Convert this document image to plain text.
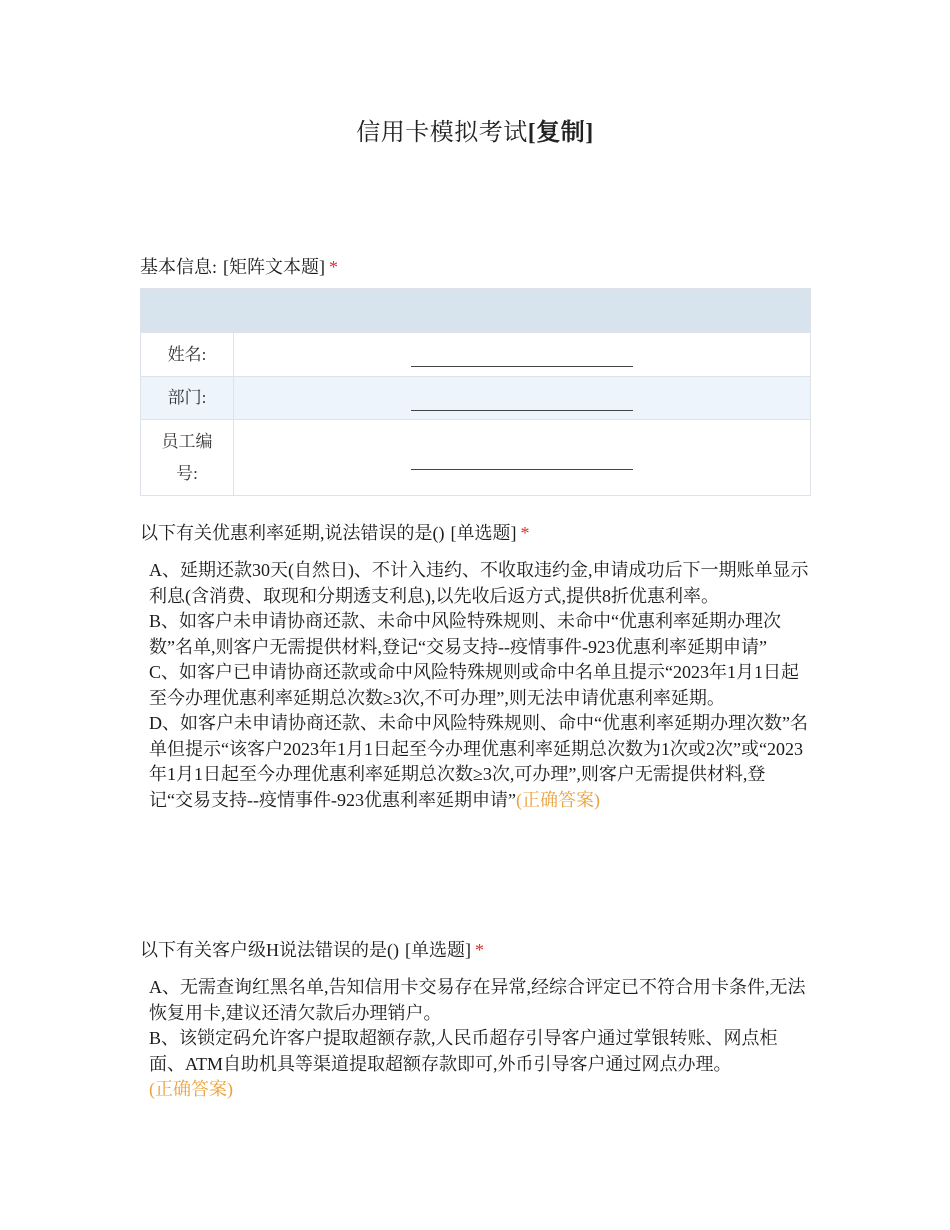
信用卡模拟考试[复制]
基本信息: [矩阵文本题] *

姓名:	

部门:	

员工编
号:	
以下有关优惠利率延期,说法错误的是() [单选题] *

A、延期还款30天(自然日)、不计入违约、不收取违约金,申请成功后下一期账单显示利息(含消费、取现和分期透支利息),以先收后返方式,提供8折优惠利率。

B、如客户未申请协商还款、未命中风险特殊规则、未命中“优惠利率延期办理次数”名单,则客户无需提供材料,登记“交易支持--疫情事件-923优惠利率延期申请”

C、如客户已申请协商还款或命中风险特殊规则或命中名单且提示“2023年1月1日起至今办理优惠利率延期总次数≥3次,不可办理”,则无法申请优惠利率延期。

D、如客户未申请协商还款、未命中风险特殊规则、命中“优惠利率延期办理次数”名单但提示“该客户2023年1月1日起至今办理优惠利率延期总次数为1次或2次”或“2023年1月1日起至今办理优惠利率延期总次数≥3次,可办理”,则客户无需提供材料,登记“交易支持--疫情事件-923优惠利率延期申请”(正确答案)

以下有关客户级H说法错误的是() [单选题] *

A、无需查询红黑名单,告知信用卡交易存在异常,经综合评定已不符合用卡条件,无法恢复用卡,建议还清欠款后办理销户。

B、该锁定码允许客户提取超额存款,人民币超存引导客户通过掌银转账、网点柜面、ATM自助机具等渠道提取超额存款即可,外币引导客户通过网点办理。
(正确答案)
